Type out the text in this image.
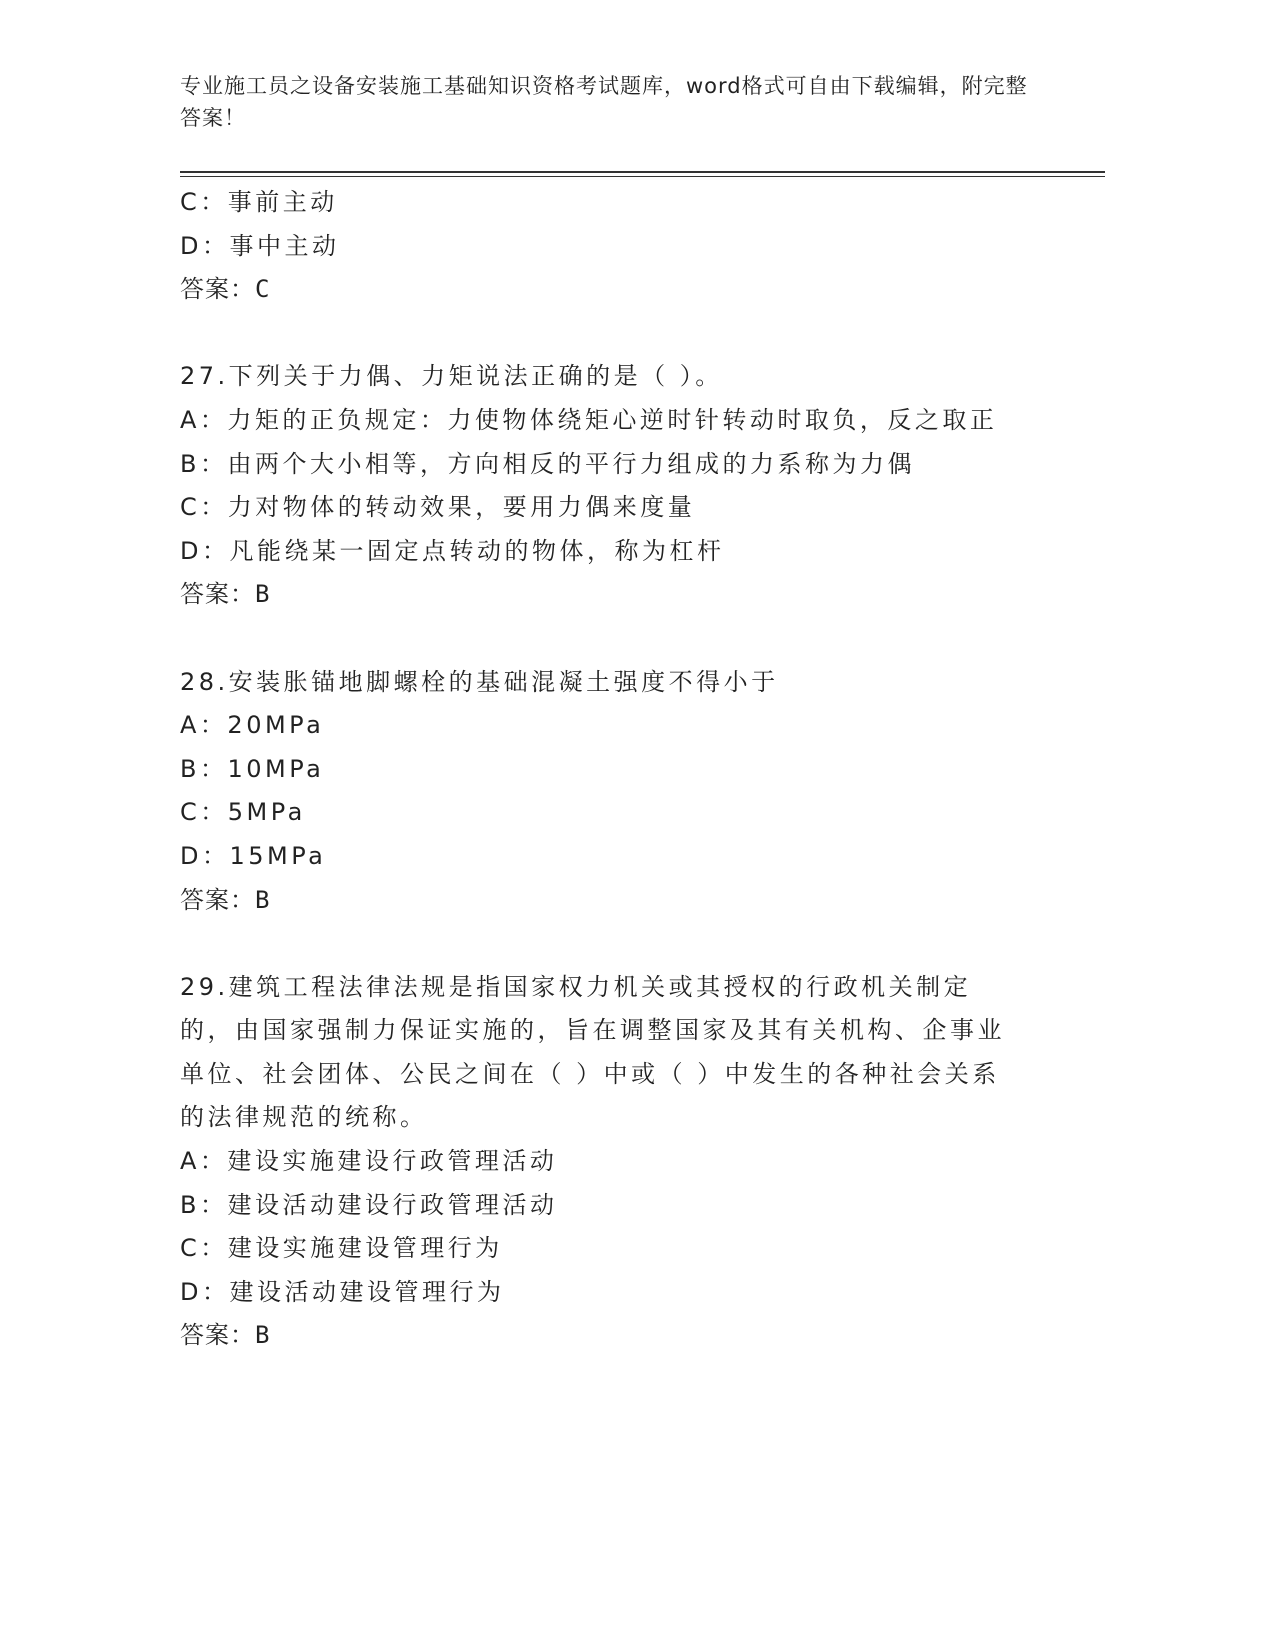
专业施工员之设备安装施工基础知识资格考试题库，word格式可自由下载编辑，附完整答案！
C：事前主动
D：事中主动
答案：C
27.下列关于力偶、力矩说法正确的是（ ）。
A：力矩的正负规定：力使物体绕矩心逆时针转动时取负，反之取正
B：由两个大小相等，方向相反的平行力组成的力系称为力偶
C：力对物体的转动效果，要用力偶来度量
D：凡能绕某一固定点转动的物体，称为杠杆
答案：B
28.安装胀锚地脚螺栓的基础混凝土强度不得小于
A：20MPa
B：10MPa
C：5MPa
D：15MPa
答案：B
29.建筑工程法律法规是指国家权力机关或其授权的行政机关制定的，由国家强制力保证实施的，旨在调整国家及其有关机构、企事业单位、社会团体、公民之间在（ ）中或（ ）中发生的各种社会关系的法律规范的统称。
A：建设实施建设行政管理活动
B：建设活动建设行政管理活动
C：建设实施建设管理行为
D：建设活动建设管理行为
答案：B
